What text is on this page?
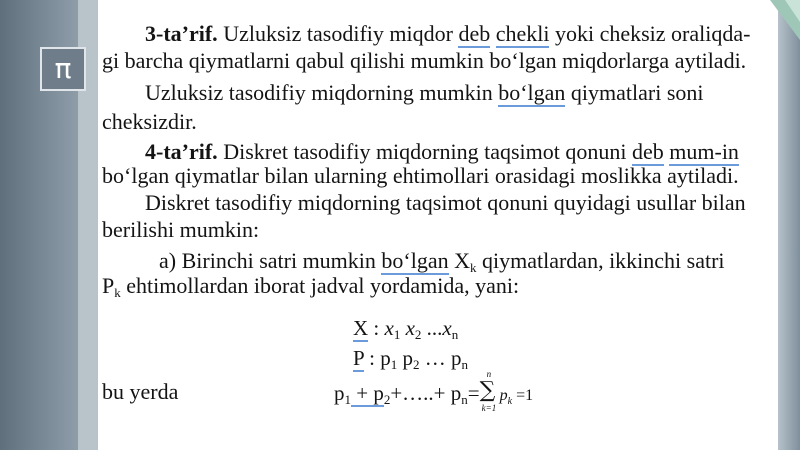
π
3-ta’rif. Uzluksiz tasodifiy miqdor deb chekli yoki cheksiz oraliqda-
gi barcha qiymatlarni qabul qilishi mumkin bo‘lgan miqdorlarga aytiladi.
Uzluksiz tasodifiy miqdorning mumkin bo‘lgan qiymatlari soni
cheksizdir.
4-ta’rif. Diskret tasodifiy miqdorning taqsimot qonuni deb mum-in
bo‘lgan qiymatlar bilan ularning ehtimollari orasidagi moslikka aytiladi.
Diskret tasodifiy miqdorning taqsimot qonuni quyidagi usullar bilan
berilishi mumkin:
a) Birinchi satri mumkin bo‘lgan $X_k$ qiymatlardan, ikkinchi satri
$P_k$ ehtimollardan iborat jadval yordamida, yani:
X : $x_1$ $x_2$ $...x_n$
P : $p_1$ $p_2$ … $p_n$
bu yerda	$p_1$ + $p_2+\dots..+ p_n=$
n
∑
k=1
$p_k =1$
